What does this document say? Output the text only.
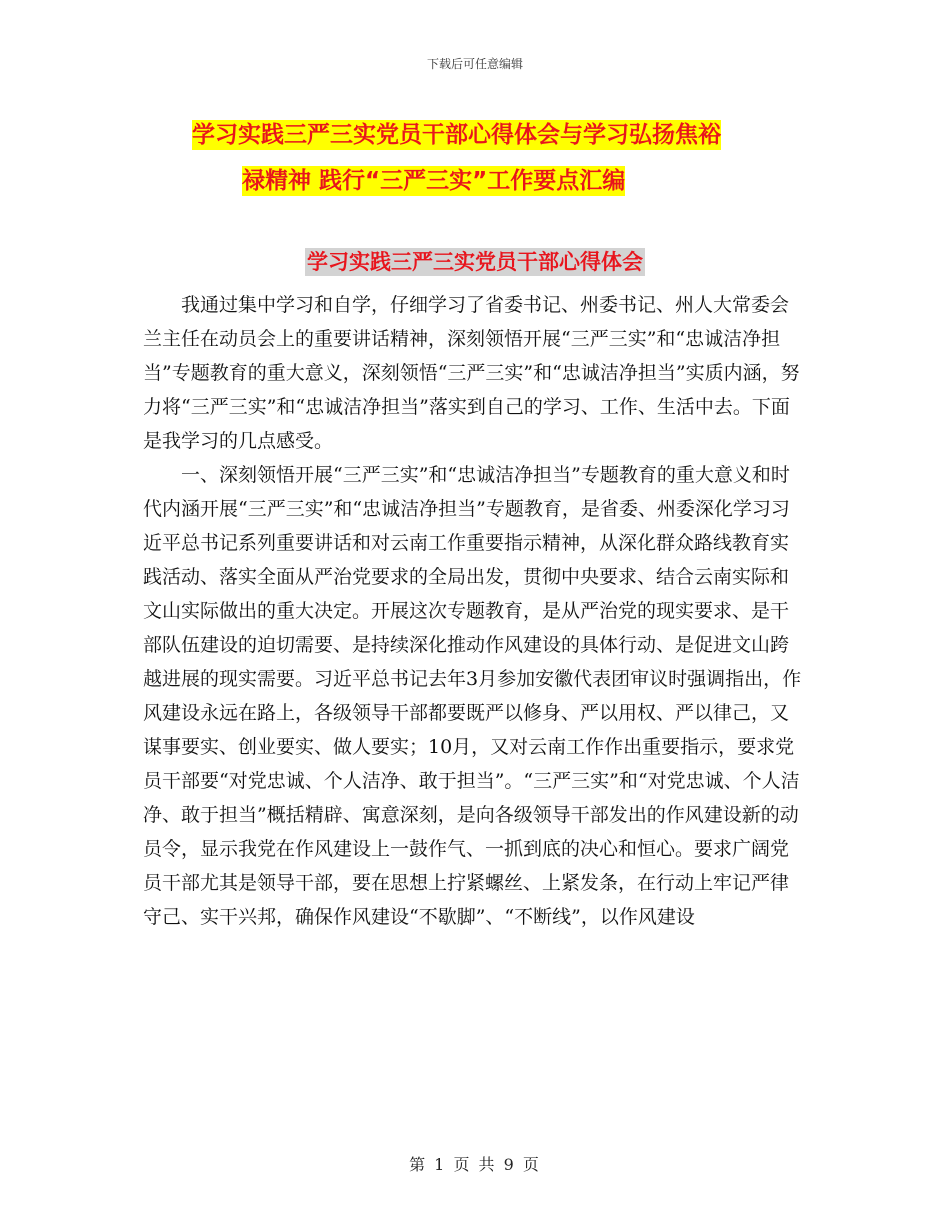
下载后可任意编辑
学习实践三严三实党员干部心得体会与学习弘扬焦裕
禄精神 践行“三严三实”工作要点汇编
学习实践三严三实党员干部心得体会

我通过集中学习和自学，仔细学习了省委书记、州委书记、州人大常委会兰主任在动员会上的重要讲话精神，深刻领悟开展“三严三实”和“忠诚洁净担当”专题教育的重大意义，深刻领悟“三严三实”和“忠诚洁净担当”实质内涵，努力将“三严三实”和“忠诚洁净担当”落实到自己的学习、工作、生活中去。下面是我学习的几点感受。

一、深刻领悟开展“三严三实”和“忠诚洁净担当”专题教育的重大意义和时代内涵开展“三严三实”和“忠诚洁净担当”专题教育，是省委、州委深化学习习近平总书记系列重要讲话和对云南工作重要指示精神，从深化群众路线教育实践活动、落实全面从严治党要求的全局出发，贯彻中央要求、结合云南实际和文山实际做出的重大决定。开展这次专题教育，是从严治党的现实要求、是干部队伍建设的迫切需要、是持续深化推动作风建设的具体行动、是促进文山跨越进展的现实需要。习近平总书记去年3月参加安徽代表团审议时强调指出，作风建设永远在路上，各级领导干部都要既严以修身、严以用权、严以律己，又谋事要实、创业要实、做人要实；10月，又对云南工作作出重要指示，要求党员干部要“对党忠诚、个人洁净、敢于担当”。“三严三实”和“对党忠诚、个人洁净、敢于担当”概括精辟、寓意深刻，是向各级领导干部发出的作风建设新的动员令，显示我党在作风建设上一鼓作气、一抓到底的决心和恒心。要求广阔党员干部尤其是领导干部，要在思想上拧紧螺丝、上紧发条，在行动上牢记严律守己、实干兴邦，确保作风建设“不歇脚”、“不断线”，以作风建设

第 1 页 共 9 页
